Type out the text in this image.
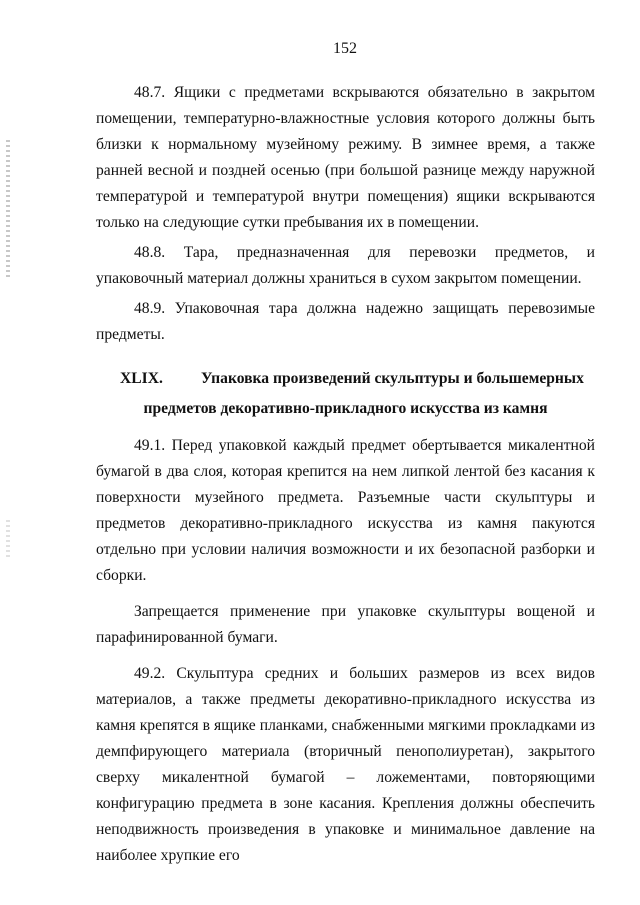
152

48.7. Ящики с предметами вскрываются обязательно в закрытом помещении, температурно-влажностные условия которого должны быть близки к нормальному музейному режиму. В зимнее время, а также ранней весной и поздней осенью (при большой разнице между наружной температурой и температурой внутри помещения) ящики вскрываются только на следующие сутки пребывания их в помещении.

48.8. Тара, предназначенная для перевозки предметов, и упаковочный материал должны храниться в сухом закрытом помещении.

48.9. Упаковочная тара должна надежно защищать перевозимые предметы.

XLIX. Упаковка произведений скульптуры и большемерных
предметов декоративно-прикладного искусства из камня

49.1. Перед упаковкой каждый предмет обертывается микалентной бумагой в два слоя, которая крепится на нем липкой лентой без касания к поверхности музейного предмета. Разъемные части скульптуры и предметов декоративно-прикладного искусства из камня пакуются отдельно при условии наличия возможности и их безопасной разборки и сборки.

Запрещается применение при упаковке скульптуры вощеной и парафинированной бумаги.

49.2. Скульптура средних и больших размеров из всех видов материалов, а также предметы декоративно-прикладного искусства из камня крепятся в ящике планками, снабженными мягкими прокладками из демпфирующего материала (вторичный пенополиуретан), закрытого сверху микалентной бумагой – ложементами, повторяющими конфигурацию предмета в зоне касания. Крепления должны обеспечить неподвижность произведения в упаковке и минимальное давление на наиболее хрупкие его
